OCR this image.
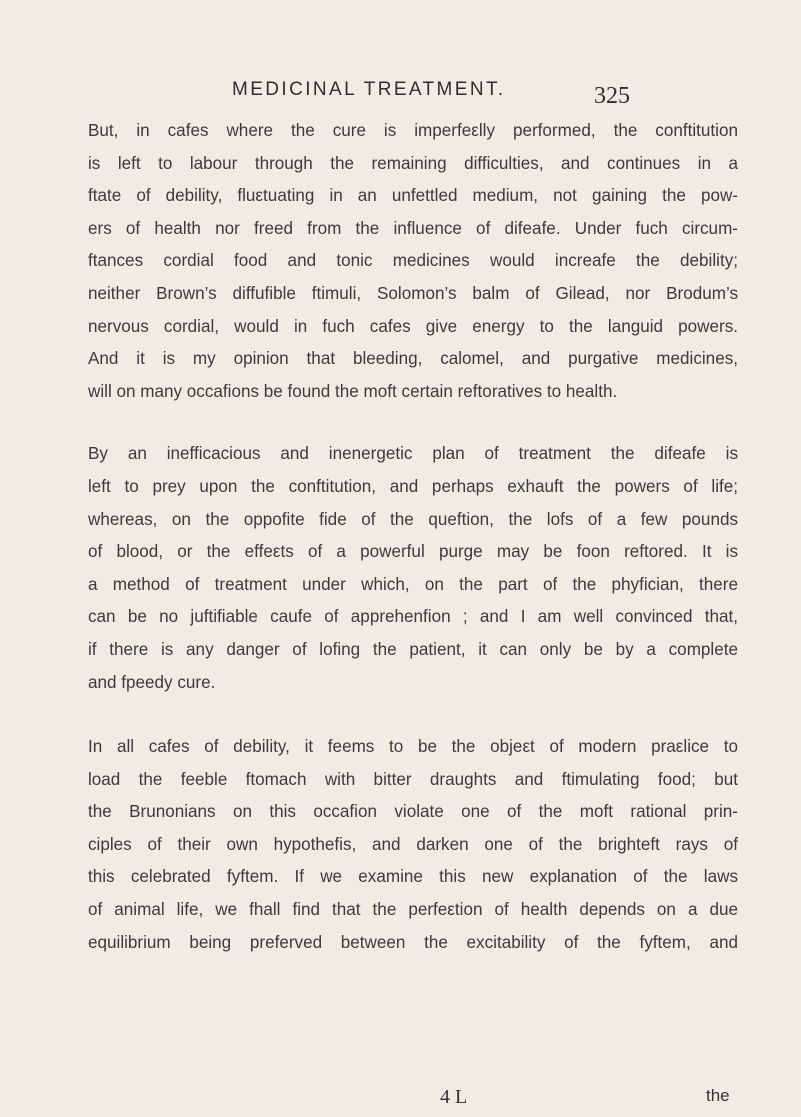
MEDICINAL TREATMENT.	325

But, in cafes where the cure is imperfeεlly performed, the conftitution
is left to labour through the remaining difficulties, and continues in a
ftate of debility, fluεtuating in an unfettled medium, not gaining the pow-
ers of health nor freed from the influence of difeafe. Under fuch circum-
ftances cordial food and tonic medicines would increafe the debility;
neither Brown’s diffufible ftimuli, Solomon’s balm of Gilead, nor Brodum’s
nervous cordial, would in fuch cafes give energy to the languid powers.
And it is my opinion that bleeding, calomel, and purgative medicines,
will on many occafions be found the moft certain reftoratives to health.

By an inefficacious and inenergetic plan of treatment the difeafe is
left to prey upon the conftitution, and perhaps exhauft the powers of life;
whereas, on the oppofite fide of the queftion, the lofs of a few pounds
of blood, or the effeεts of a powerful purge may be foon reftored. It is
a method of treatment under which, on the part of the phyfician, there
can be no juftifiable caufe of apprehenfion ; and I am well convinced that,
if there is any danger of lofing the patient, it can only be by a complete
and fpeedy cure.

In all cafes of debility, it feems to be the objeεt of modern praεlice to
load the feeble ftomach with bitter draughts and ftimulating food; but
the Brunonians on this occafion violate one of the moft rational prin-
ciples of their own hypothefis, and darken one of the brighteft rays of
this celebrated fyftem. If we examine this new explanation of the laws
of animal life, we fhall find that the perfeεtion of health depends on a due
equilibrium being preferved between the excitability of the fyftem, and

4 L	the
